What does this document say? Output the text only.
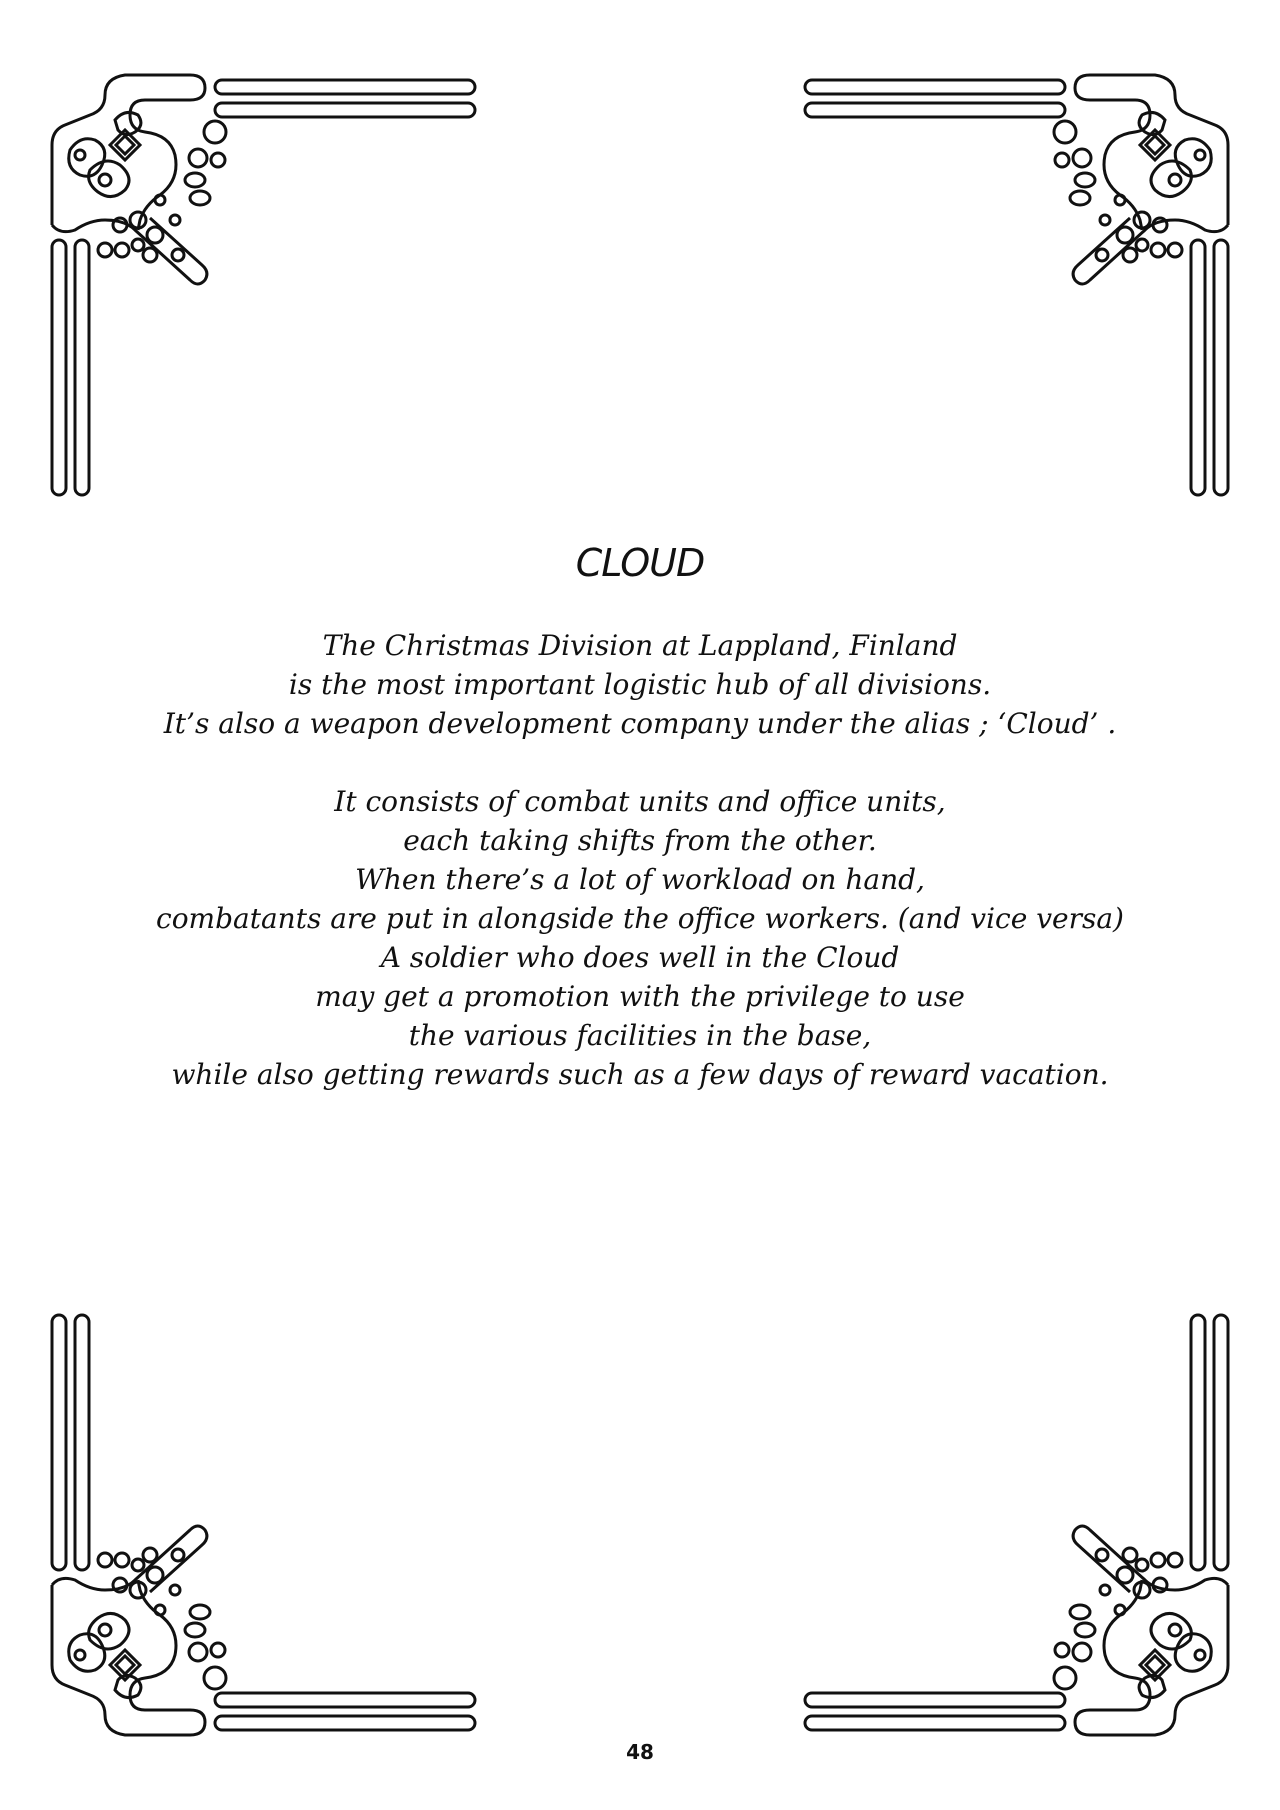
CLOUD

The Christmas Division at Lappland, Finland

is the most important logistic hub of all divisions.

It’s also a weapon development company under the alias ; ‘Cloud’ .

It consists of combat units and office units,

each taking shifts from the other.

When there’s a lot of workload on hand,

combatants are put in alongside the office workers. (and vice versa)

A soldier who does well in the Cloud

may get a promotion with the privilege to use

the various facilities in the base,

while also getting rewards such as a few days of reward vacation.

48
